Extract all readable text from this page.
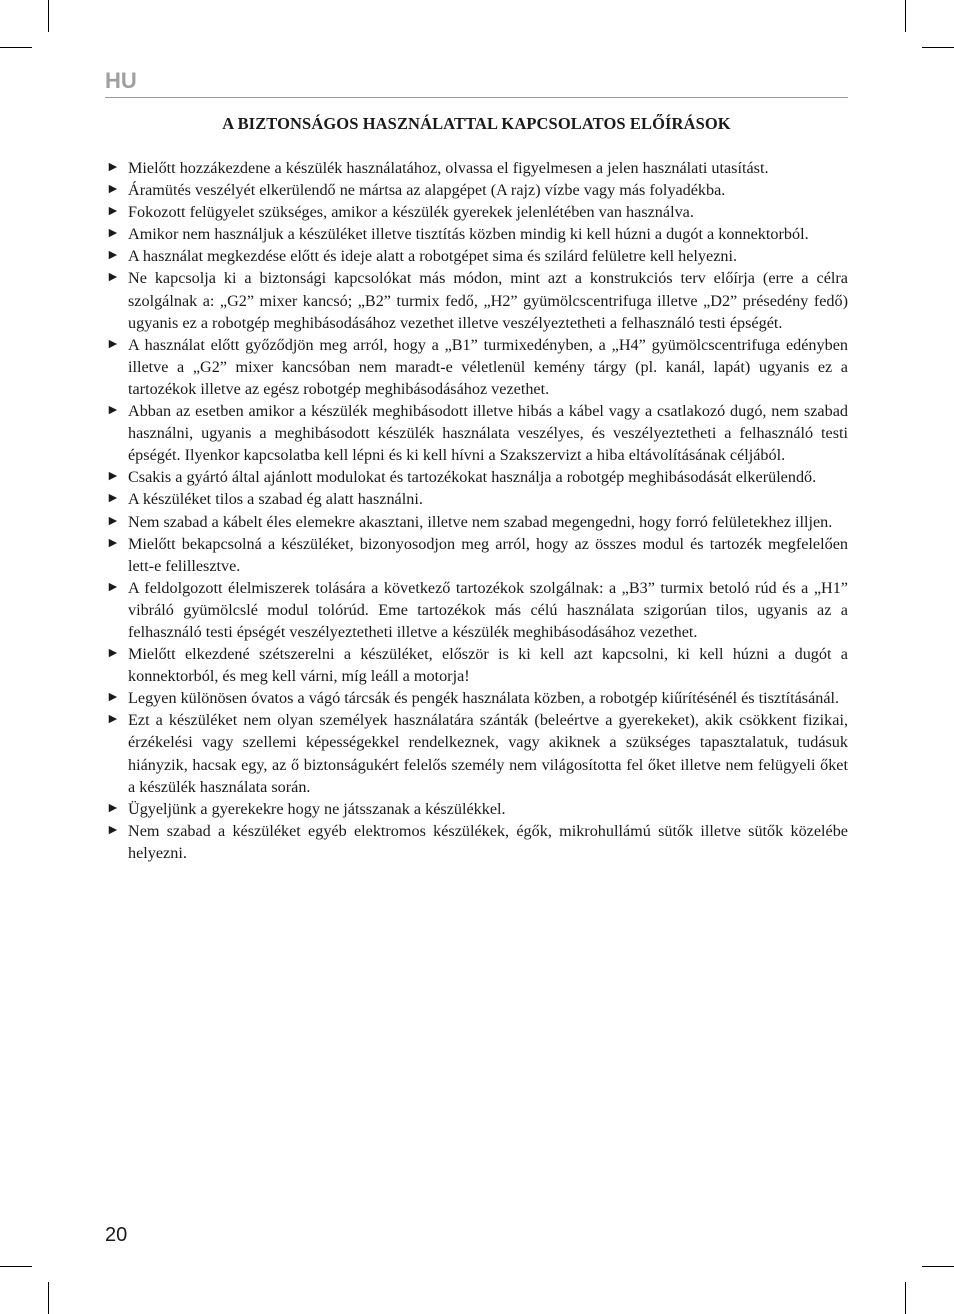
HU
A BIZTONSÁGOS HASZNÁLATTAL KAPCSOLATOS ELŐÍRÁSOK
► Mielőtt hozzákezdene a készülék használatához, olvassa el figyelmesen a jelen használati utasítást.
► Áramütés veszélyét elkerülendő ne mártsa az alapgépet (A rajz) vízbe vagy más folyadékba.
► Fokozott felügyelet szükséges, amikor a készülék gyerekek jelenlétében van használva.
► Amikor nem használjuk a készüléket illetve tisztítás közben mindig ki kell húzni a dugót a konnektorból.
► A használat megkezdése előtt és ideje alatt a robotgépet sima és szilárd felületre kell helyezni.
► Ne kapcsolja ki a biztonsági kapcsolókat más módon, mint azt a konstrukciós terv előírja (erre a célra szolgálnak a: „G2” mixer kancsó; „B2” turmix fedő, „H2” gyümölcscentrifuga illetve „D2” présedény fedő) ugyanis ez a robotgép meghibásodásához vezethet illetve veszélyeztetheti a felhasználó testi épségét.
► A használat előtt győződjön meg arról, hogy a „B1” turmixedényben, a „H4” gyümölcscentrifuga edényben illetve a „G2” mixer kancsóban nem maradt-e véletlenül kemény tárgy (pl. kanál, lapát) ugyanis ez a tartozékok illetve az egész robotgép meghibásodásához vezethet.
► Abban az esetben amikor a készülék meghibásodott illetve hibás a kábel vagy a csatlakozó dugó, nem szabad használni, ugyanis a meghibásodott készülék használata veszélyes, és veszélyeztetheti a felhasználó testi épségét. Ilyenkor kapcsolatba kell lépni és ki kell hívni a Szakszervizt a hiba eltávolításának céljából.
► Csakis a gyártó által ajánlott modulokat és tartozékokat használja a robotgép meghibásodását elkerülendő.
► A készüléket tilos a szabad ég alatt használni.
► Nem szabad a kábelt éles elemekre akasztani, illetve nem szabad megengedni, hogy forró felületekhez illjen.
► Mielőtt bekapcsolná a készüléket, bizonyosodjon meg arról, hogy az összes modul és tartozék megfelelően lett-e felillesztve.
► A feldolgozott élelmiszerek tolására a következő tartozékok szolgálnak: a „B3” turmix betoló rúd és a „H1” vibráló gyümölcslé modul tolórúd. Eme tartozékok más célú használata szigorúan tilos, ugyanis az a felhasználó testi épségét veszélyeztetheti illetve a készülék meghibásodásához vezethet.
► Mielőtt elkezdené szétszerelni a készüléket, először is ki kell azt kapcsolni, ki kell húzni a dugót a konnektorból, és meg kell várni, míg leáll a motorja!
► Legyen különösen óvatos a vágó tárcsák és pengék használata közben, a robotgép kiűrítésénél és tisztításánál.
► Ezt a készüléket nem olyan személyek használatára szánták (beleértve a gyerekeket), akik csökkent fizikai, érzékelési vagy szellemi képességekkel rendelkeznek, vagy akiknek a szükséges tapasztalatuk, tudásuk hiányzik, hacsak egy, az ő biztonságukért felelős személy nem világosította fel őket illetve nem felügyeli őket a készülék használata során.
► Ügyeljünk a gyerekekre hogy ne játsszanak a készülékkel.
► Nem szabad a készüléket egyéb elektromos készülékek, égők, mikrohullámú sütők illetve sütők közelébe helyezni.
20
